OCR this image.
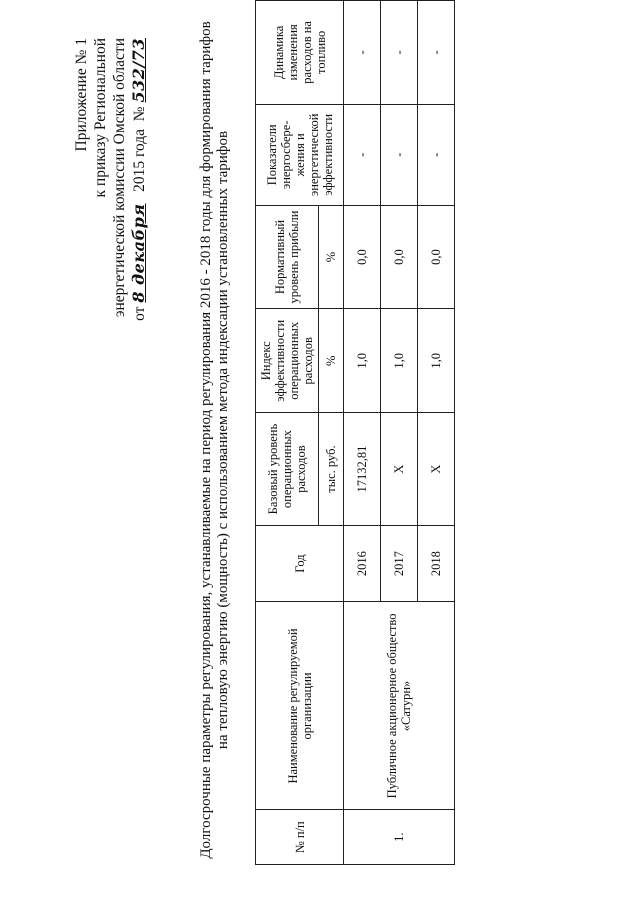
Приложение № 1 к приказу Региональной энергетической комиссии Омской области от 8 декабря   2015 года  № 532/73	Долгосрочные параметры регулирования, устанавливаемые на период регулирования 2016 - 2018 годы для формирования тарифов на тепловую энергию (мощность) с использованием метода индексации установленных тарифов
№ п/п	Наименование регулируемой организации	Год	Базовый уровень операционных расходов	Индекс эффективности операционных расходов	Нормативный уровень прибыли	Показатели энергосбере-жения и энергетической эффективности	Динамика изменения расходов на топливо
			тыс. руб.	%	%		
1.	Публичное акционерное общество «Сатурн»	2016	17132,81	1,0	0,0	-	-
		2017	Х	1,0	0,0	-	-
		2018	Х	1,0	0,0	-	-
